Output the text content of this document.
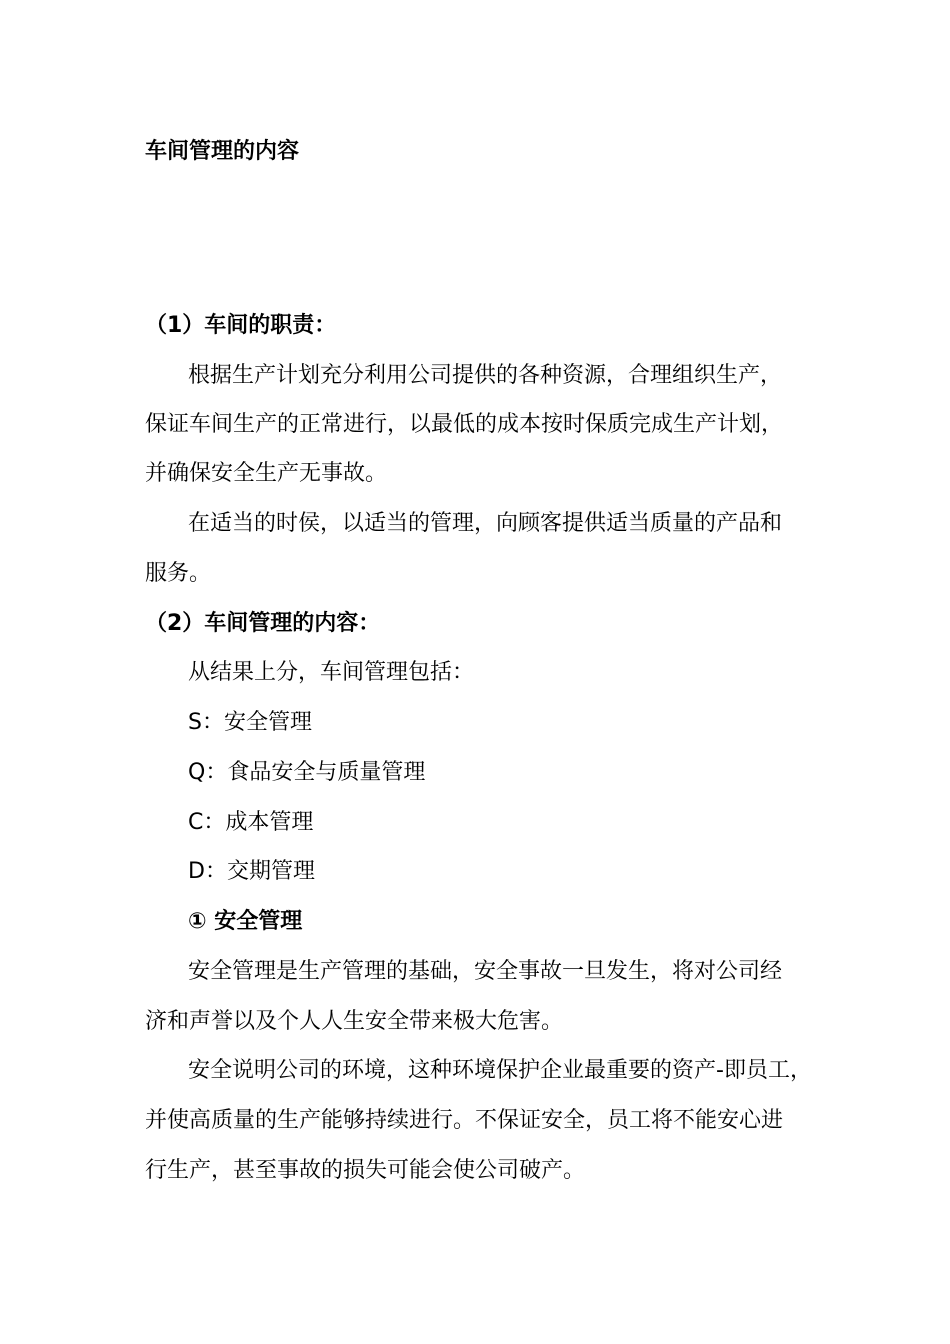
车间管理的内容
（1）车间的职责：
根据生产计划充分利用公司提供的各种资源，合理组织生产，
保证车间生产的正常进行，以最低的成本按时保质完成生产计划，
并确保安全生产无事故。
在适当的时侯，以适当的管理，向顾客提供适当质量的产品和
服务。
（2）车间管理的内容：
从结果上分，车间管理包括：
S：安全管理
Q：食品安全与质量管理
C：成本管理
D：交期管理
① 安全管理
安全管理是生产管理的基础，安全事故一旦发生，将对公司经
济和声誉以及个人人生安全带来极大危害。
安全说明公司的环境，这种环境保护企业最重要的资产-即员工，
并使高质量的生产能够持续进行。不保证安全，员工将不能安心进
行生产，甚至事故的损失可能会使公司破产。
